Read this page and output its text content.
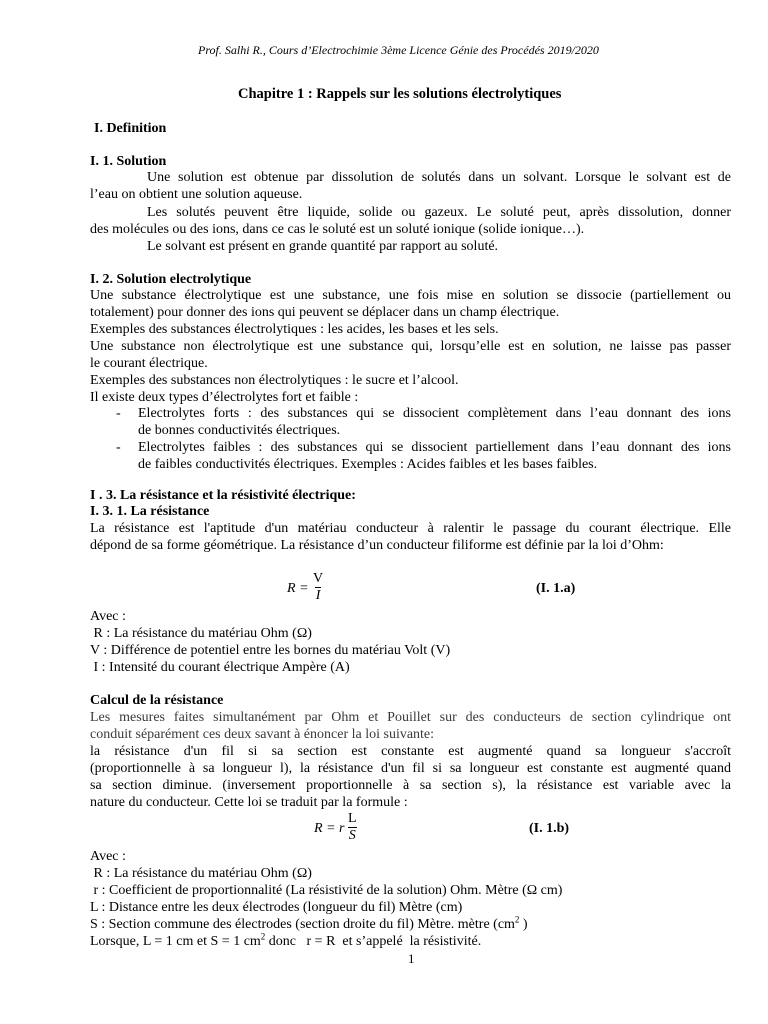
Prof. Salhi R., Cours d’Electrochimie 3ème Licence Génie des Procédés 2019/2020
Chapitre 1 : Rappels sur les solutions électrolytiques
I. Definition
I. 1. Solution
Une solution est obtenue par dissolution de solutés dans un solvant. Lorsque le solvant est de
l’eau on obtient une solution aqueuse.
Les solutés peuvent être liquide, solide ou gazeux. Le soluté peut, après dissolution, donner
des molécules ou des ions, dans ce cas le soluté est un soluté ionique (solide ionique…).
Le solvant est présent en grande quantité par rapport au soluté.
I. 2. Solution electrolytique
Une substance électrolytique est une substance, une fois mise en solution se dissocie (partiellement ou
totalement) pour donner des ions qui peuvent se déplacer dans un champ électrique.
Exemples des substances électrolytiques : les acides, les bases et les sels.
Une substance non électrolytique est une substance qui, lorsqu’elle est en solution, ne laisse pas passer
le courant électrique.
Exemples des substances non électrolytiques : le sucre et l’alcool.
Il existe deux types d’électrolytes fort et faible :
- Electrolytes forts : des substances qui se dissocient complètement dans l’eau donnant des ions
de bonnes conductivités électriques.
- Electrolytes faibles : des substances qui se dissocient partiellement dans l’eau donnant des ions
de faibles conductivités électriques. Exemples : Acides faibles et les bases faibles.
I . 3. La résistance et la résistivité électrique:
I. 3. 1. La résistance
La résistance est l'aptitude d'un matériau conducteur à ralentir le passage du courant électrique. Elle
dépond de sa forme géométrique. La résistance d’un conducteur filiforme est définie par la loi d’Ohm:
$R = \frac{V}{I}$	(I. 1.a)
Avec :
R : La résistance du matériau Ohm (Ω)
V : Différence de potentiel entre les bornes du matériau Volt (V)
I : Intensité du courant électrique Ampère (A)
Calcul de la résistance
Les mesures faites simultanément par Ohm et Pouillet sur des conducteurs de section cylindrique ont
conduit séparément ces deux savant à énoncer la loi suivante:
la résistance d'un fil si sa section est constante est augmenté quand sa longueur s'accroît
(proportionnelle à sa longueur l), la résistance d'un fil si sa longueur est constante est augmenté quand
sa section diminue. (inversement proportionnelle à sa section s), la résistance est variable avec la
nature du conducteur. Cette loi se traduit par la formule :
R = r $\frac{L}{S}$	(I. 1.b)
Avec :
R : La résistance du matériau Ohm (Ω)
r : Coefficient de proportionnalité (La résistivité de la solution) Ohm. Mètre (Ω cm)
L : Distance entre les deux électrodes (longueur du fil) Mètre (cm)
S : Section commune des électrodes (section droite du fil) Mètre. mètre ($cm^2$ )
Lorsque, L = 1 cm et S = 1 $cm^2$ donc   r = R  et s’appelé  la résistivité.
1
